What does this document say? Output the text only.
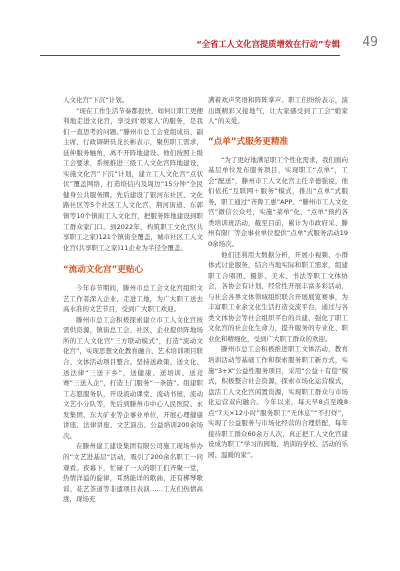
“全省工人文化宫提质增效在行动”专辑 49

人文化宫“下沉”计划。

“现在工作生活节奏都很快，如何让职工更便利地走进文化宫，享受到‘娘家人’的服务，是我们一直思考的问题。”滕州市总工会党组成员、副主席、行政调研员龙长彬表示，聚焦职工需求，延伸服务触角，离不开阵地建设。他们按照上级工会要求，系统推进三级工人文化宫阵地建设，实施文化宫“下沉”计划，建立工人文化宫“点状伏”覆盖网络，打造培信内及周边“15分钟”全民健身公共服务圈。先后建设了银河东社区、文化路社区等5个社区工人文化宫，荆河街道、东郭镇等10个镇街工人文化宫，把服务阵地建设到职工群众家门口。到2022年，构筑职工文化宫(共享职工之家)121个镇街全覆盖，城市社区工人文化宫(共享职工之家)11企业为半径全覆盖。

“流动文化宫”更贴心

今年春节期间，滕州市总工会文化宫组织文艺工作者深入企业、走进工地，为广大职工送去高水准的文艺节目，受到广大职工欢迎。

滕州市总工会积极探索建立市工人文化宫按需供资源，镇街总工会、社区、企业提供阵地场所的工人文化宫“三方联动模式”，打造“流动文化宫”，实现思想文化教育融合、艺术培训项目联合、文体活动项目整合。坚持送政策、送文化、送法律“三送下乡”，送健康、送培训、送竞赛“三送入企”，打造上门服务“一条链”。组建职工志愿服务队，开设流动课堂、流动书屋、流动文艺小分队等，先后到滕州市中心人民医院、永发集团、东大矿业等企事业单位，开展心理健康讲座、法律讲座、文艺演出、公益培训200余场次。

在滕州建工建设集团有限公司施工现场举办的“文艺进基层”活动，吸引了200余名职工一同观看。夜幕下，忙碌了一天的职工们齐聚一堂，热情洋溢的旋律，耳熟能详的歌曲，还有梆琴歌谣、花艺茶道等非遗项目表演……工友们热情高涨，现场充

满着欢声笑语和阵阵掌声。职工们纷纷表示，演出既精彩又接地气，让大家感受到了工会“娘家人”的关爱。

“点单”式服务更精准

“为了更好地满足职工个性化需求，我们面向基层单位发布服务项目，实现职工“点单”，工会“配送”，滕州市工人文化宫主任辛德强说，他们依托“互联网＋服务”模式，推出“点单”式服务，职工通过“齐鲁工惠”APP、“滕州市工人文化宫”微信公众号，实施“菜单”化、“点单”预约各类培训班活动，截至目前，累计为市政府采、滕州有限厂等企事业单位提供“点单”式服务活动190余场次。

他们还利用大数据分析，开展小视频、小群体式讨论服务，结合当地实际和职工需求，组建职工合唱团、摄影、美术、书法等职工文体协会，各协会有计划、经常性开展丰富多彩活动，与社会各界文体领域组织联合开展展览赛事，为丰富职工业余文化生活打造交流平台，通过与各类文体协会等社会组织平台的共建，强化了职工文化宫的社会化生命力，提升服务的专业化、职业化和精细化，受到广大职工群众的欢迎。

滕州市总工会积极推进职工文体活动，教育培训活动等基础工作和探索服务职工新方式，实施“3+X”公益性服务项目，采用“公益＋有偿”模式，积极整合社会资源，探索市场化运营模式，盘活工人文化宫闲置资源，实现职工群众与市场化运营双向融合。今年以来，每天早8点至晚8点“7天×12小时”服务职工“无休息”“不打烊”，实现了公益服务与市场化经营的合理搭配，每年接待职工群众60余万人次，真正把工人文化宫建设成为职工“学习的园地、培训的学校、活动的乐园、温暖的家”。
